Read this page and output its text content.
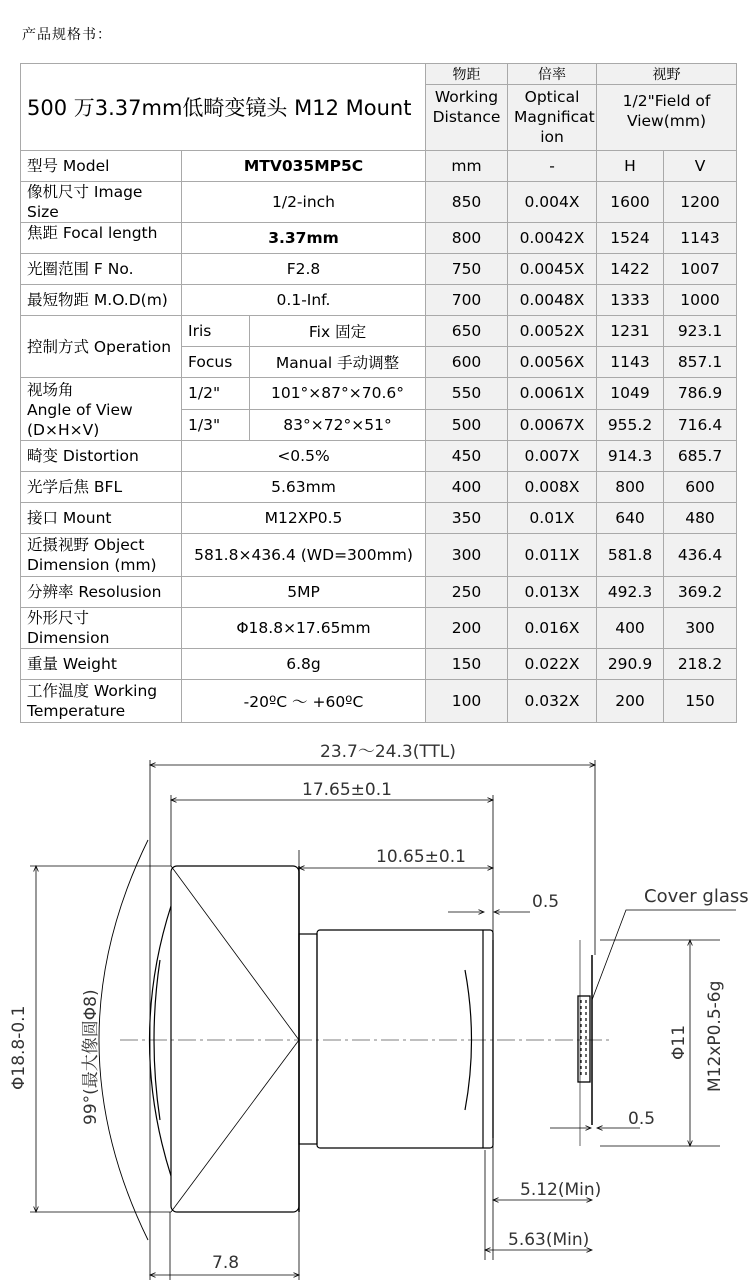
产品规格书：
500 万3.37mm低畸变镜头 M12 Mount			物距	倍率	视野	
			Working Distance	Optical Magnificat ion	1/2"Field of View(mm)	
型号 Model	MTV035MP5C		mm	-	H	V
像机尺寸 Image Size	1/2-inch		850	0.004X	1600	1200
焦距 Focal length	3.37mm		800	0.0042X	1524	1143
光圈范围 F No.	F2.8		750	0.0045X	1422	1007
最短物距 M.O.D(m)	0.1-Inf.		700	0.0048X	1333	1000
控制方式 Operation	Iris	Fix 固定	650	0.0052X	1231	923.1
	Focus	Manual 手动调整	600	0.0056X	1143	857.1

视场角
Angle of View
(D×H×V)	1/2"	101°×87°×70.6°	550	0.0061X	1049	786.9
	1/3"	83°×72°×51°	500	0.0067X	955.2	716.4
畸变 Distortion	<0.5%		450	0.007X	914.3	685.7
光学后焦 BFL	5.63mm		400	0.008X	800	600
接口 Mount	M12XP0.5		350	0.01X	640	480

近摄视野 Object
Dimension (mm)	581.8×436.4 (WD=300mm)		300	0.011X	581.8	436.4
分辨率 Resolusion	5MP		250	0.013X	492.3	369.2
外形尺寸 Dimension	Φ18.8×17.65mm		200	0.016X	400	300
重量 Weight	6.8g		150	0.022X	290.9	218.2

工作温度 Working
Temperature	-20ºC ～ +60ºC		100	0.032X	200	150
23.7～24.3(TTL)
17.65±0.1
10.65±0.1
0.5	Cover glass
Φ18.8-0.1	99°(最大像圆Φ8)	Φ11 M12xP0.5-6g
0.5
5.12(Min)
5.63(Min)
7.8
